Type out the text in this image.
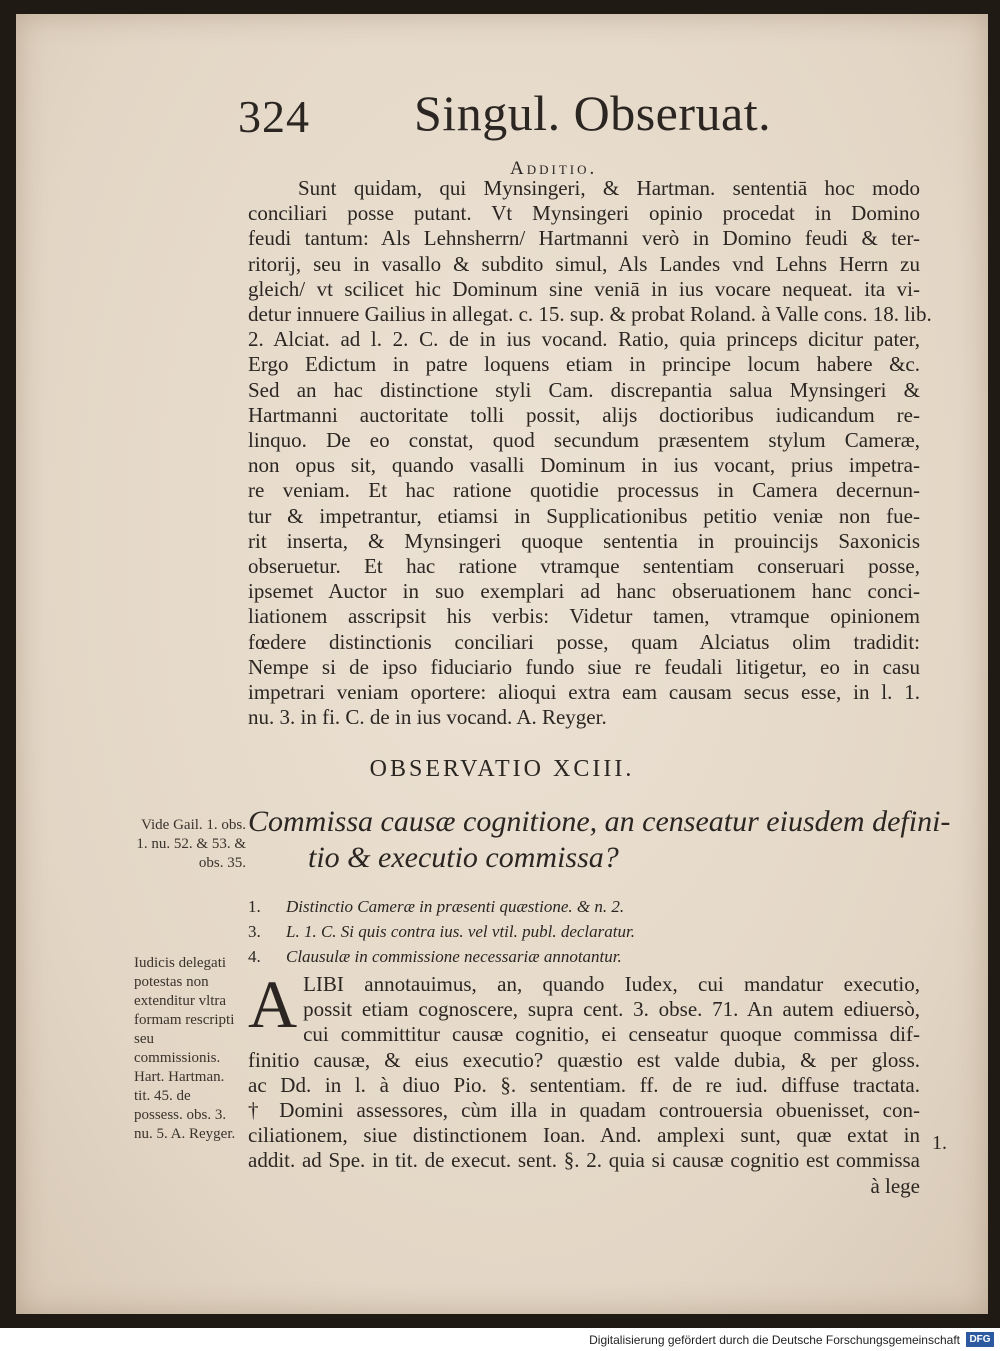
324 Singul. Obseruat.
Additio.
Sunt quidam, qui Mynsingeri, & Hartman. sententiā hoc modo
conciliari posse putant. Vt Mynsingeri opinio procedat in Domino
feudi tantum: Als Lehnsherrn/ Hartmanni verò in Domino feudi & ter-
ritorij, seu in vasallo & subdito simul, Als Landes vnd Lehns Herrn zu
gleich/ vt scilicet hic Dominum sine veniā in ius vocare nequeat. ita vi-
detur innuere Gailius in allegat. c. 15. sup. & probat Roland. à Valle cons. 18. lib.
2. Alciat. ad l. 2. C. de in ius vocand. Ratio, quia princeps dicitur pater,
Ergo Edictum in patre loquens etiam in principe locum habere &c.
Sed an hac distinctione styli Cam. discrepantia salua Mynsingeri &
Hartmanni auctoritate tolli possit, alijs doctioribus iudicandum re-
linquo. De eo constat, quod secundum præsentem stylum Cameræ,
non opus sit, quando vasalli Dominum in ius vocant, prius impetra-
re veniam. Et hac ratione quotidie processus in Camera decernun-
tur & impetrantur, etiamsi in Supplicationibus petitio veniæ non fue-
rit inserta, & Mynsingeri quoque sententia in prouincijs Saxonicis
obseruetur. Et hac ratione vtramque sententiam conseruari posse,
ipsemet Auctor in suo exemplari ad hanc obseruationem hanc conci-
liationem asscripsit his verbis: Videtur tamen, vtramque opinionem
fœdere distinctionis conciliari posse, quam Alciatus olim tradidit:
Nempe si de ipso fiduciario fundo siue re feudali litigetur, eo in casu
impetrari veniam oportere: alioqui extra eam causam secus esse, in l. 1.
nu. 3. in fi. C. de in ius vocand. A. Reyger.
OBSERVATIO XCIII.
Vide Gail. 1. obs. 1. nu. 52. & 53. & obs. 35.
Commissa causæ cognitione, an censeatur eiusdem defini-
tio & executio commissa?
1. Distinctio Cameræ in præsenti quæstione. & n. 2.
3. L. 1. C. Si quis contra ius. vel vtil. publ. declaratur.
4. Clausulæ in commissione necessariæ annotantur.
Iudicis delegati potestas non extenditur vltra formam rescripti seu commissionis. Hart. Hartman. tit. 45. de possess. obs. 3. nu. 5. A. Reyger.
A LIBI annotauimus, an, quando Iudex, cui mandatur executio,
possit etiam cognoscere, supra cent. 3. obse. 71. An autem ediuersò,
cui committitur causæ cognitio, ei censeatur quoque commissa dif-
finitio causæ, & eius executio? quæstio est valde dubia, & per gloss.
ac Dd. in l. à diuo Pio. §. sententiam. ff. de re iud. diffuse tractata.
† Domini assessores, cùm illa in quadam controuersia obuenisset, con-
ciliationem, siue distinctionem Ioan. And. amplexi sunt, quæ extat in
addit. ad Spe. in tit. de execut. sent. §. 2. quia si causæ cognitio est commissa
à lege
1.
Digitalisierung gefördert durch die Deutsche Forschungsgemeinschaft DFG
